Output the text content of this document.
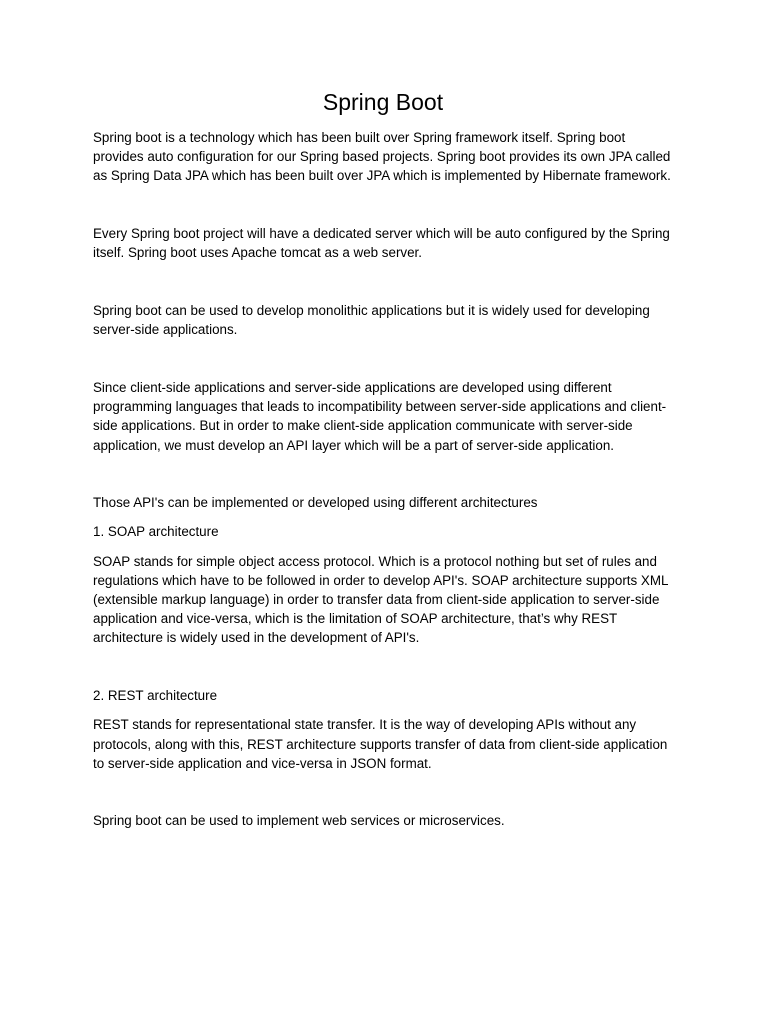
Spring Boot

Spring boot is a technology which has been built over Spring framework itself. Spring boot provides auto configuration for our Spring based projects. Spring boot provides its own JPA called as Spring Data JPA which has been built over JPA which is implemented by Hibernate framework.

Every Spring boot project will have a dedicated server which will be auto configured by the Spring itself. Spring boot uses Apache tomcat as a web server.

Spring boot can be used to develop monolithic applications but it is widely used for developing server-side applications.

Since client-side applications and server-side applications are developed using different programming languages that leads to incompatibility between server-side applications and client-side applications. But in order to make client-side application communicate with server-side application, we must develop an API layer which will be a part of server-side application.

Those API's can be implemented or developed using different architectures

1. SOAP architecture

SOAP stands for simple object access protocol. Which is a protocol nothing but set of rules and regulations which have to be followed in order to develop API's. SOAP architecture supports XML (extensible markup language) in order to transfer data from client-side application to server-side application and vice-versa, which is the limitation of SOAP architecture, that’s why REST architecture is widely used in the development of API's.

2. REST architecture

REST stands for representational state transfer. It is the way of developing APIs without any protocols, along with this, REST architecture supports transfer of data from client-side application to server-side application and vice-versa in JSON format.

Spring boot can be used to implement web services or microservices.
